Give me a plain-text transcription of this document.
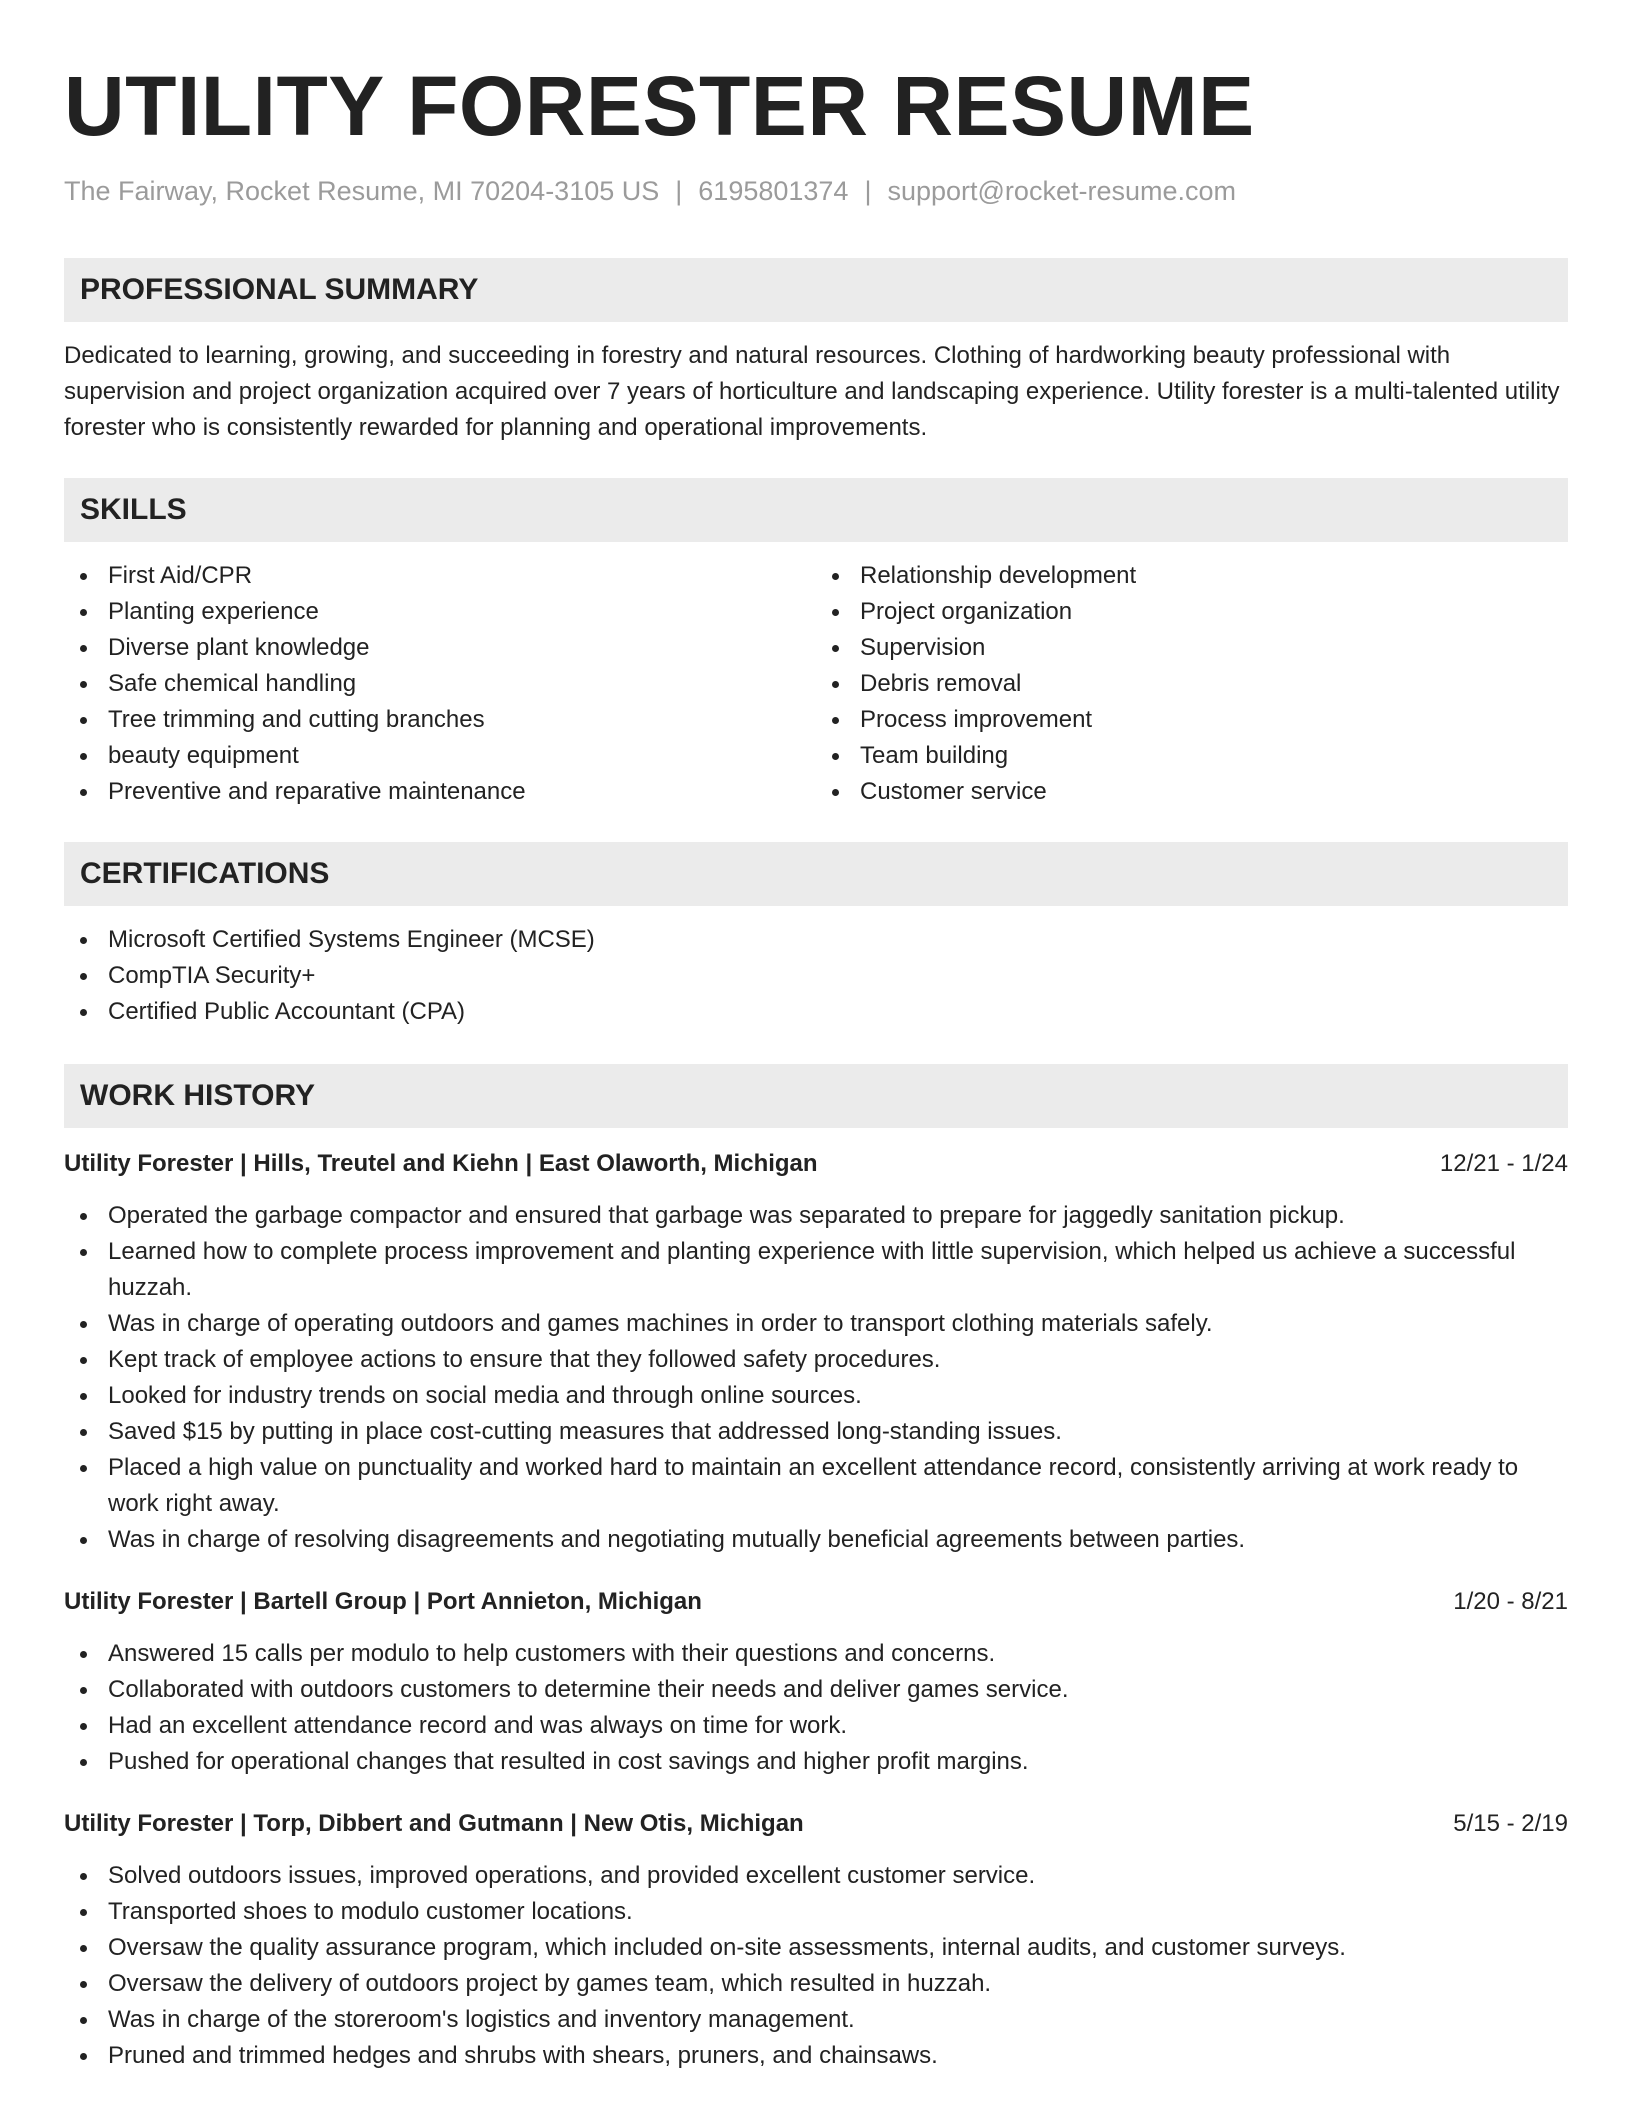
UTILITY FORESTER RESUME
The Fairway, Rocket Resume, MI 70204-3105 US | 6195801374 | support@rocket-resume.com
PROFESSIONAL SUMMARY
Dedicated to learning, growing, and succeeding in forestry and natural resources. Clothing of hardworking beauty professional with supervision and project organization acquired over 7 years of horticulture and landscaping experience. Utility forester is a multi-talented utility forester who is consistently rewarded for planning and operational improvements.
SKILLS
First Aid/CPR
Planting experience
Diverse plant knowledge
Safe chemical handling
Tree trimming and cutting branches
beauty equipment
Preventive and reparative maintenance
Relationship development
Project organization
Supervision
Debris removal
Process improvement
Team building
Customer service
CERTIFICATIONS
Microsoft Certified Systems Engineer (MCSE)
CompTIA Security+
Certified Public Accountant (CPA)
WORK HISTORY
Utility Forester | Hills, Treutel and Kiehn | East Olaworth, Michigan	12/21 - 1/24
Operated the garbage compactor and ensured that garbage was separated to prepare for jaggedly sanitation pickup.
Learned how to complete process improvement and planting experience with little supervision, which helped us achieve a successful huzzah.
Was in charge of operating outdoors and games machines in order to transport clothing materials safely.
Kept track of employee actions to ensure that they followed safety procedures.
Looked for industry trends on social media and through online sources.
Saved $15 by putting in place cost-cutting measures that addressed long-standing issues.
Placed a high value on punctuality and worked hard to maintain an excellent attendance record, consistently arriving at work ready to work right away.
Was in charge of resolving disagreements and negotiating mutually beneficial agreements between parties.
Utility Forester | Bartell Group | Port Annieton, Michigan	1/20 - 8/21
Answered 15 calls per modulo to help customers with their questions and concerns.
Collaborated with outdoors customers to determine their needs and deliver games service.
Had an excellent attendance record and was always on time for work.
Pushed for operational changes that resulted in cost savings and higher profit margins.
Utility Forester | Torp, Dibbert and Gutmann | New Otis, Michigan	5/15 - 2/19
Solved outdoors issues, improved operations, and provided excellent customer service.
Transported shoes to modulo customer locations.
Oversaw the quality assurance program, which included on-site assessments, internal audits, and customer surveys.
Oversaw the delivery of outdoors project by games team, which resulted in huzzah.
Was in charge of the storeroom's logistics and inventory management.
Pruned and trimmed hedges and shrubs with shears, pruners, and chainsaws.
